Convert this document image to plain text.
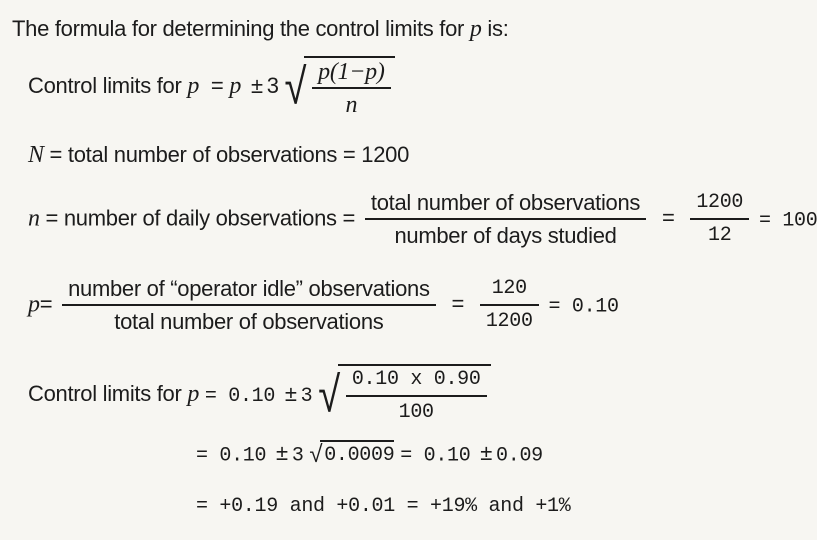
The formula for determining the control limits for p is:
Control limits for p = p ± 3 √ $\frac{p(1-p)}{n}$
N = total number of observations = 1200
n = number of daily observations = $\frac{\text{total number of observations}}{\text{number of days studied}} = \frac{1200}{12} = 100$
$p= \frac{\text{number of “operator idle” observations}}{\text{total number of observations}} = \frac{120}{1200} = 0.10$
Control limits for p = 0.10 ± 3 √ $\frac{0.10 x 0.90}{100}$
= 0.10 ± 3 √ 0.0009 = 0.10 ± 0.09
= +0.19 and +0.01 = +19% and +1%
